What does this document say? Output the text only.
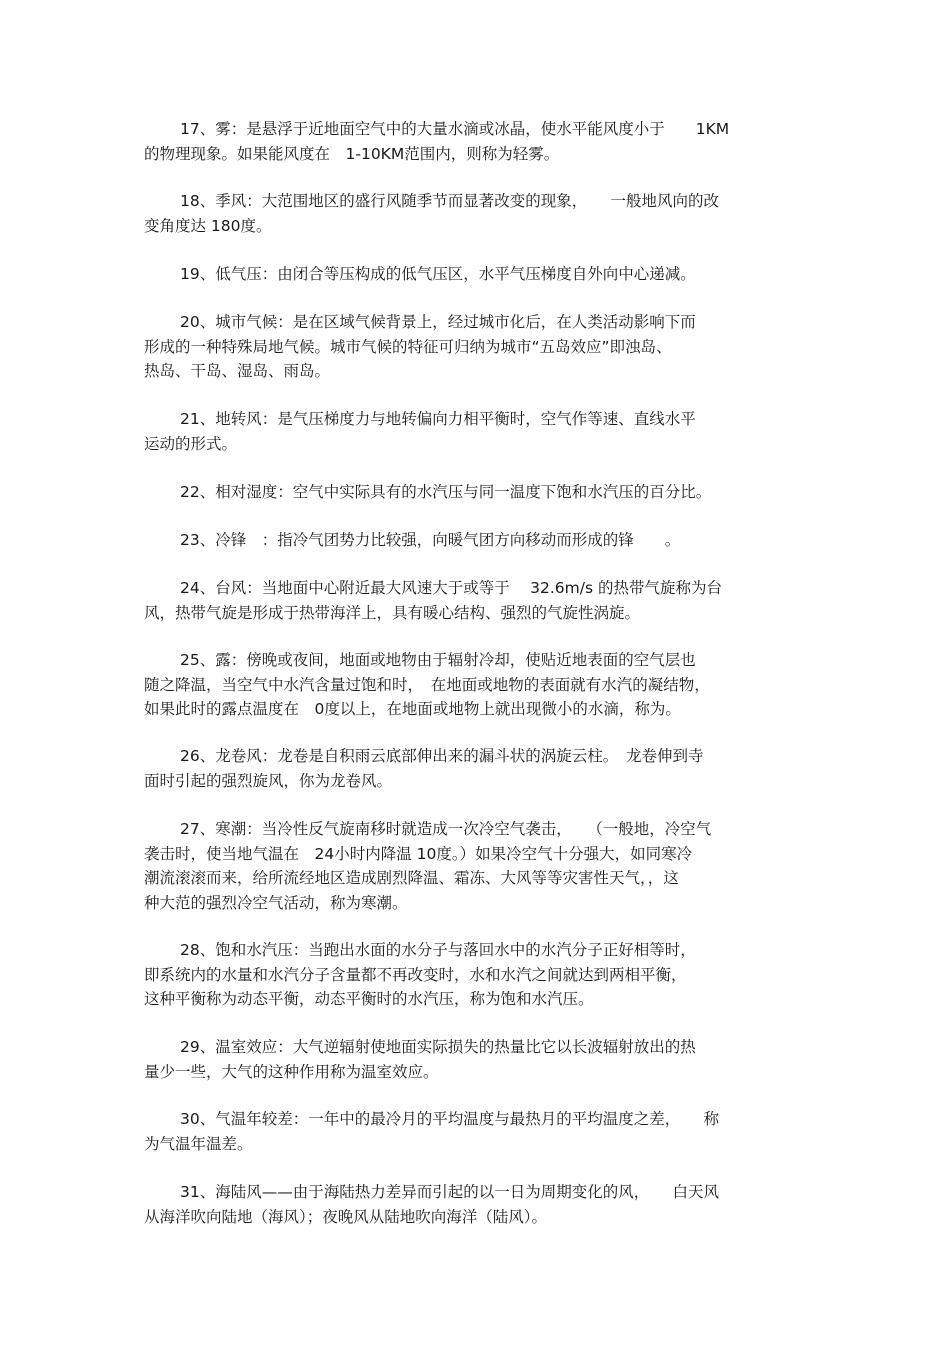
17、雾：是悬浮于近地面空气中的大量水滴或冰晶，使水平能风度小于　　1KM
的物理现象。如果能风度在　1-10KM范围内，则称为轻雾。
18、季风：大范围地区的盛行风随季节而显著改变的现象，　　一般地风向的改
变角度达 180度。
19、低气压：由闭合等压构成的低气压区，水平气压梯度自外向中心递减。
20、城市气候：是在区域气候背景上，经过城市化后，在人类活动影响下而
形成的一种特殊局地气候。城市气候的特征可归纳为城市“五岛效应”即浊岛、
热岛、干岛、湿岛、雨岛。
21、地转风：是气压梯度力与地转偏向力相平衡时，空气作等速、直线水平
运动的形式。
22、相对湿度：空气中实际具有的水汽压与同一温度下饱和水汽压的百分比。
23、冷锋　：指冷气团势力比较强，向暖气团方向移动而形成的锋　　。
24、台风：当地面中心附近最大风速大于或等于　 32.6m/s 的热带气旋称为台
风，热带气旋是形成于热带海洋上，具有暖心结构、强烈的气旋性涡旋。
25、露：傍晚或夜间，地面或地物由于辐射冷却，使贴近地表面的空气层也
随之降温，当空气中水汽含量过饱和时，　在地面或地物的表面就有水汽的凝结物，
如果此时的露点温度在　0度以上，在地面或地物上就出现微小的水滴，称为。
26、龙卷风：龙卷是自积雨云底部伸出来的漏斗状的涡旋云柱。　龙卷伸到寺
面时引起的强烈旋风，你为龙卷风。
27、寒潮：当冷性反气旋南移时就造成一次冷空气袭击，　　（一般地，冷空气
袭击时，使当地气温在　24小时内降温 10度。）如果冷空气十分强大，如同寒冷
潮流滚滚而来，给所流经地区造成剧烈降温、霜冻、大风等等灾害性天气，，这
种大范的强烈冷空气活动，称为寒潮。
28、饱和水汽压：当跑出水面的水分子与落回水中的水汽分子正好相等时，
即系统内的水量和水汽分子含量都不再改变时，水和水汽之间就达到两相平衡，
这种平衡称为动态平衡，动态平衡时的水汽压，称为饱和水汽压。
29、温室效应：大气逆辐射使地面实际损失的热量比它以长波辐射放出的热
量少一些，大气的这种作用称为温室效应。
30、气温年较差：一年中的最冷月的平均温度与最热月的平均温度之差，　　称
为气温年温差。
31、海陆风——由于海陆热力差异而引起的以一日为周期变化的风，　　白天风
从海洋吹向陆地（海风）；夜晚风从陆地吹向海洋（陆风）。
